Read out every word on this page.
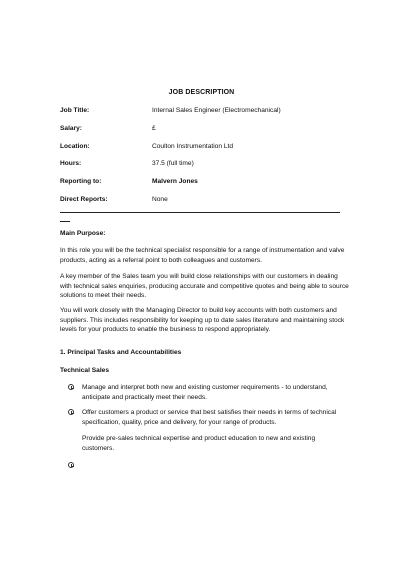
JOB DESCRIPTION
Job Title:	Internal Sales Engineer (Electromechanical)
Salary:	£
Location:	Coulton Instrumentation Ltd
Hours:	37.5 (full time)
Reporting to:	Malvern Jones
Direct Reports:	None
Main Purpose:
In this role you will be the technical specialist responsible for a range of instrumentation and valve products, acting as a referral point to both colleagues and customers.
A key member of the Sales team you will build close relationships with our customers in dealing with technical sales enquiries, producing accurate and competitive quotes and being able to source solutions to meet their needs.
You will work closely with the Managing Director to build key accounts with both customers and suppliers. This includes responsibility for keeping up to date sales literature and maintaining stock levels for your products to enable the business to respond appropriately.
1. Principal Tasks and Accountabilities
Technical Sales
Manage and interpret both new and existing customer requirements - to understand, anticipate and practically meet their needs.
Offer customers a product or service that best satisfies their needs in terms of technical specification, quality, price and delivery, for your range of products.
Provide pre-sales technical expertise and product education to new and existing customers.
